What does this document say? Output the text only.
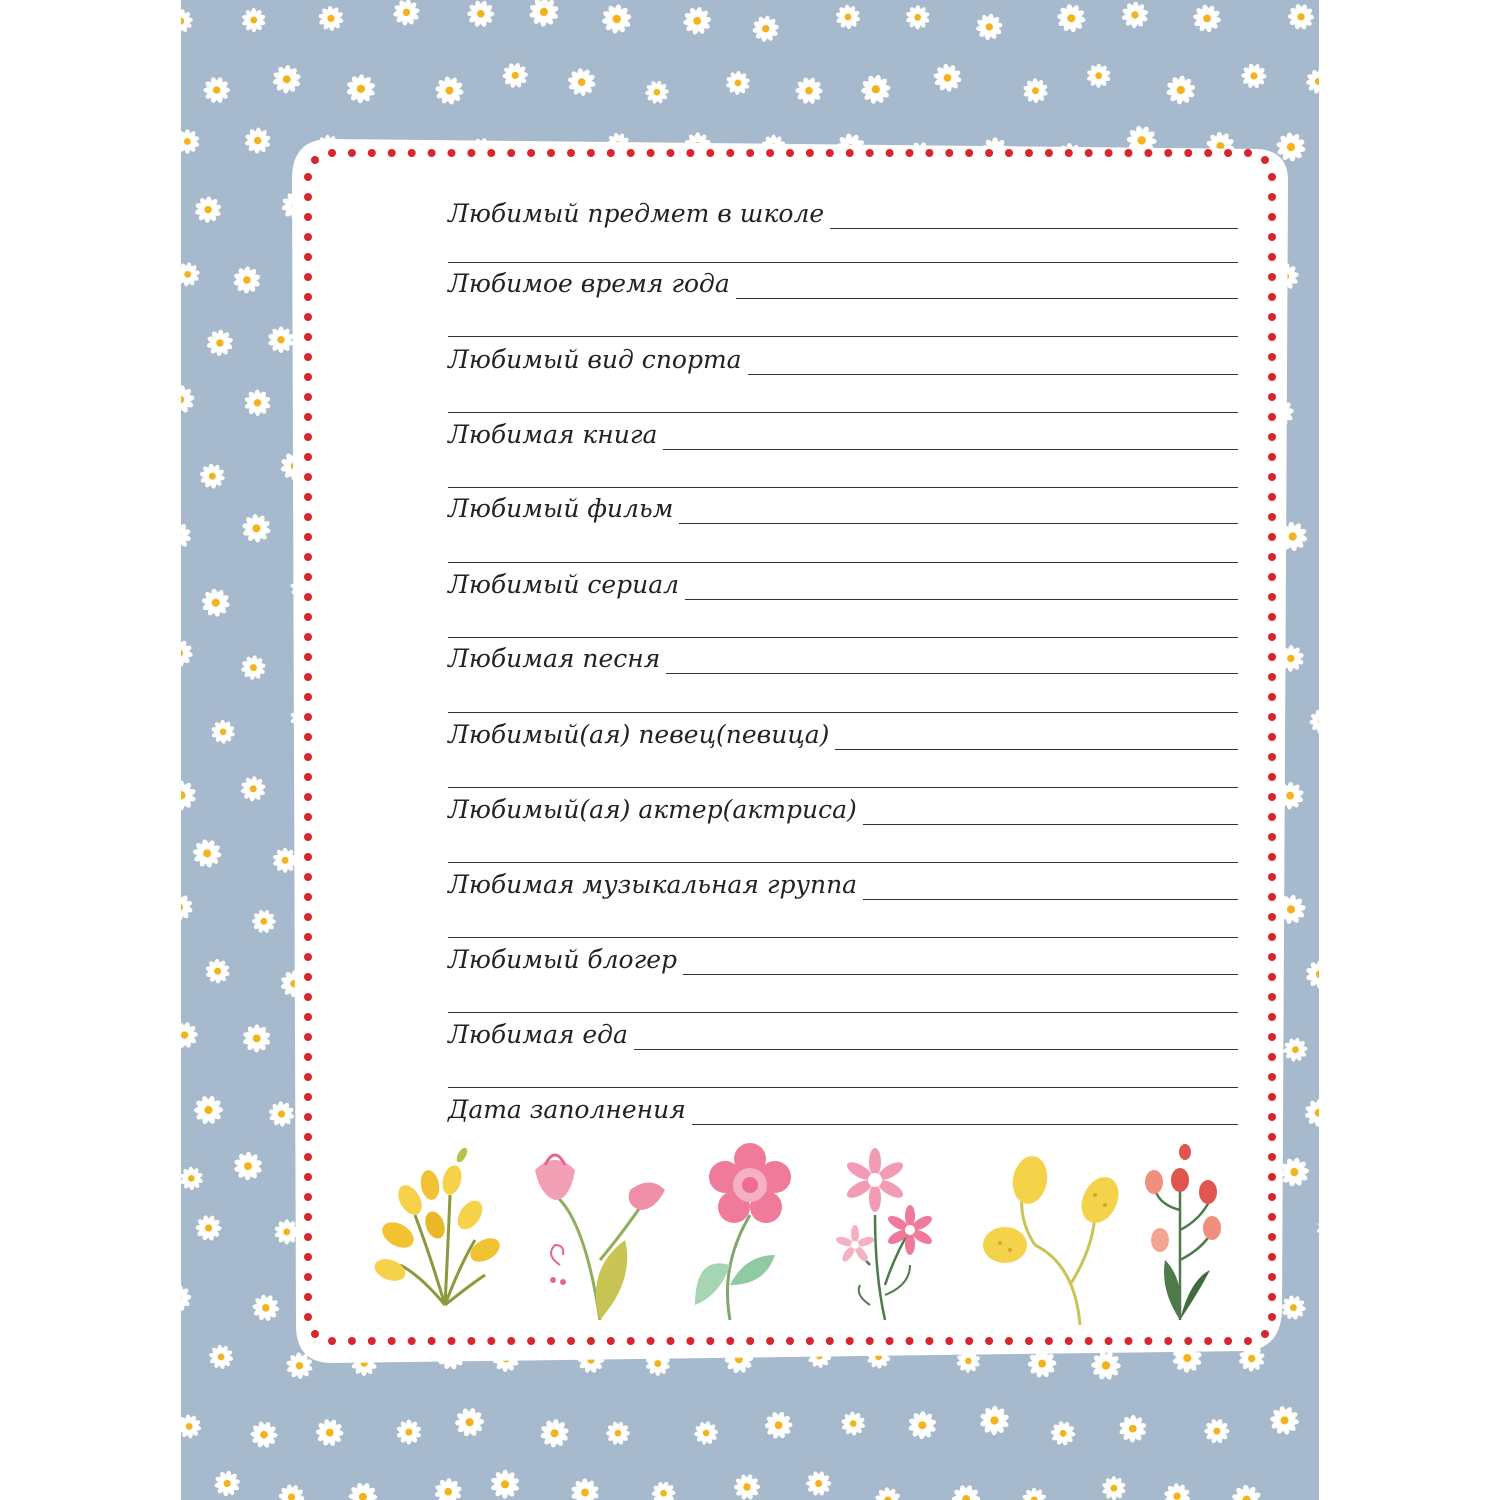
Любимый предмет в школе
Любимое время года
Любимый вид спорта
Любимая книга
Любимый фильм
Любимый сериал
Любимая песня
Любимый(ая) певец(певица)
Любимый(ая) актер(актриса)
Любимая музыкальная группа
Любимый блогер
Любимая еда
Дата заполнения
